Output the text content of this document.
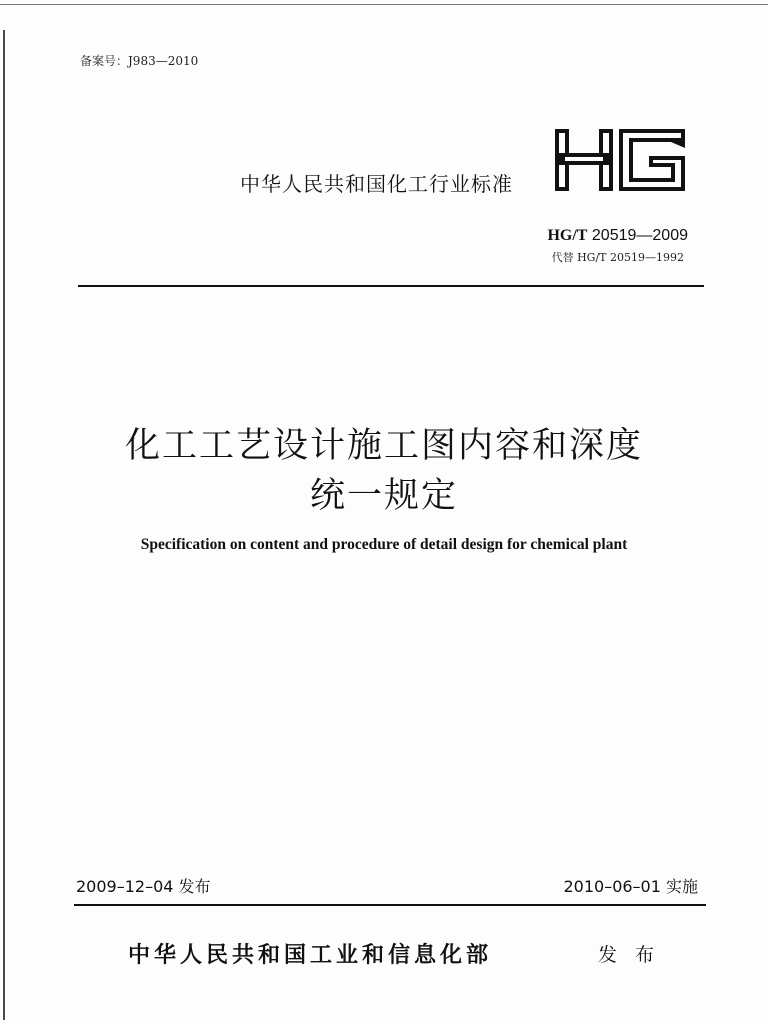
备案号：J983—2010
中华人民共和国化工行业标准
HG/T 20519—2009
代替 HG/T 20519—1992
化工工艺设计施工图内容和深度
统一规定
Specification on content and procedure of detail design for chemical plant
2009–12–04 发布	2010–06–01 实施
中华人民共和国工业和信息化部	发 布
